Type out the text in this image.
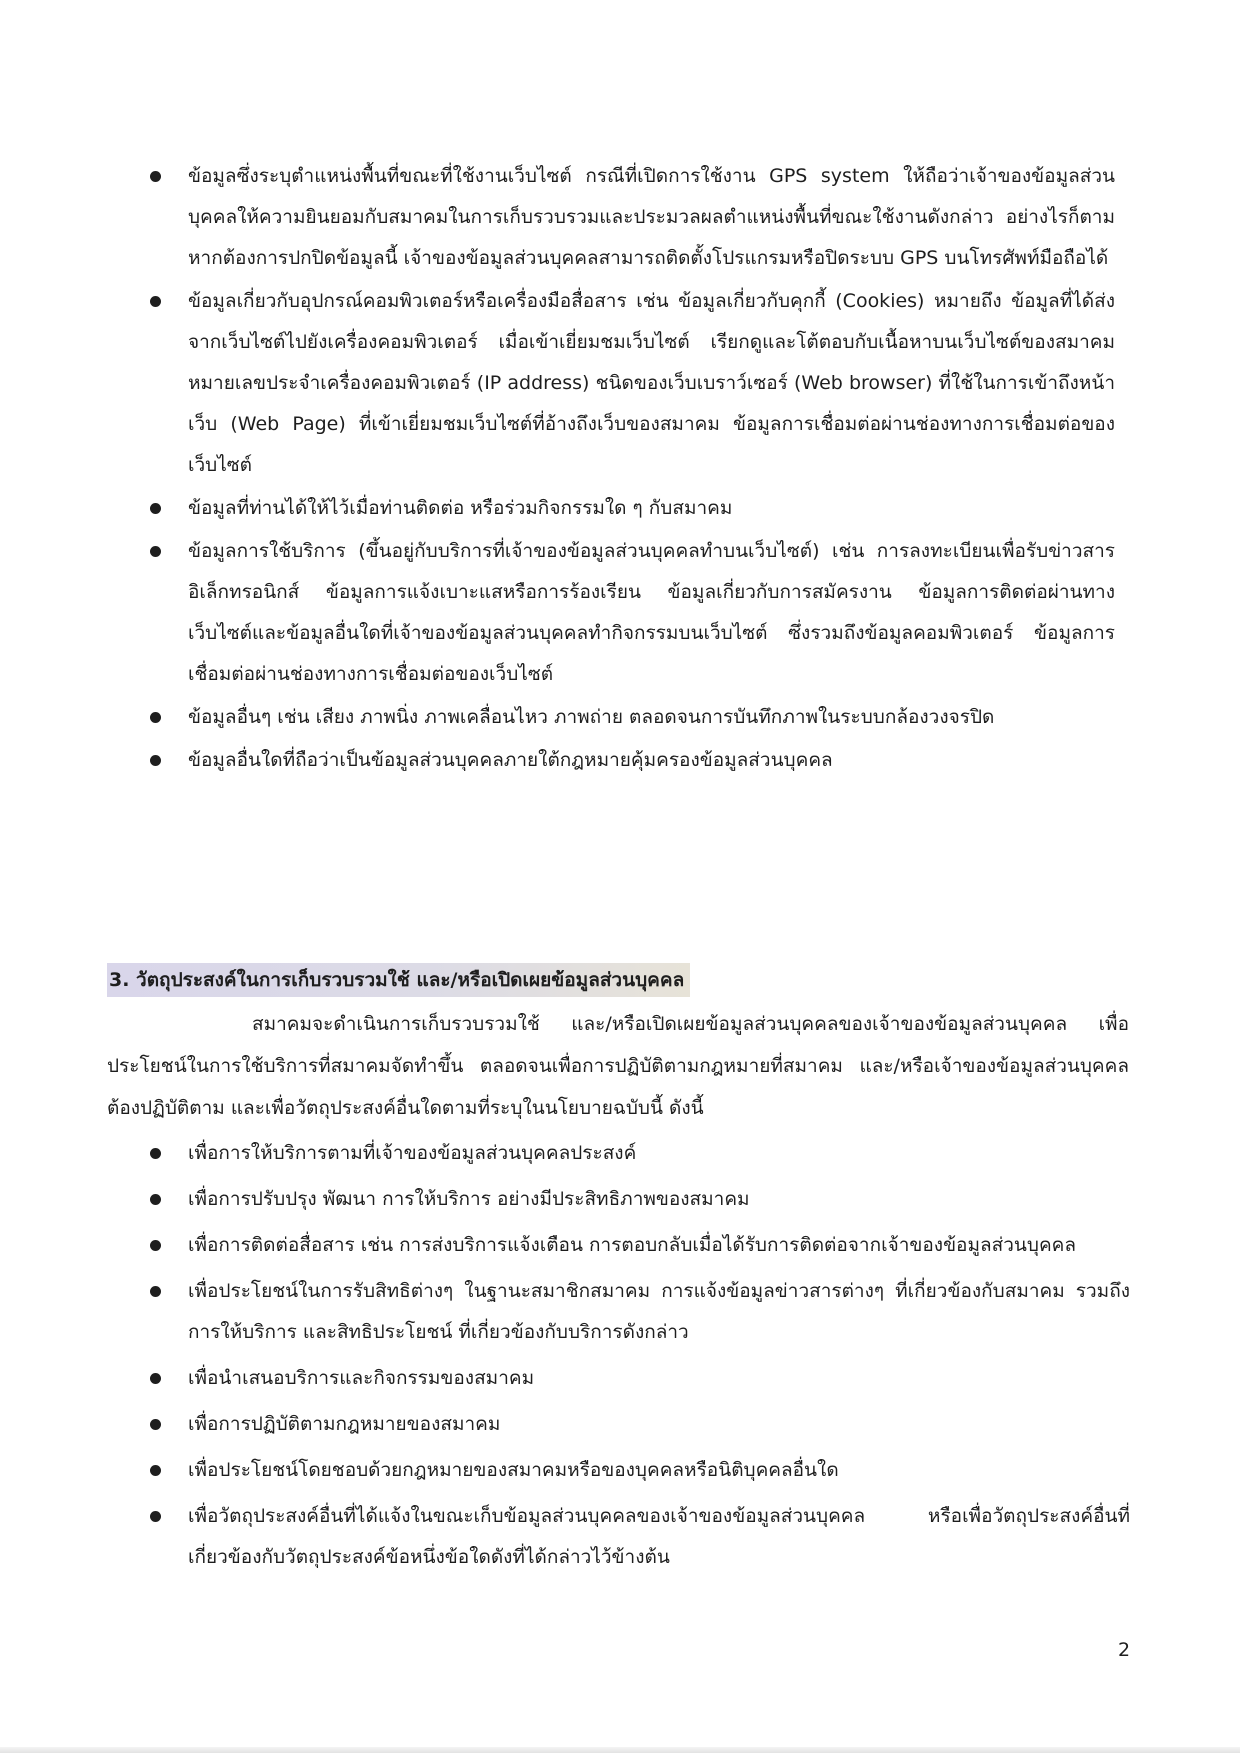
ข้อมูลซึ่งระบุตำแหน่งพื้นที่ขณะที่ใช้งานเว็บไซต์ กรณีที่เปิดการใช้งาน GPS system ให้ถือว่าเจ้าของข้อมูลส่วนบุคคลให้ความยินยอมกับสมาคมในการเก็บรวบรวมและประมวลผลตำแหน่งพื้นที่ขณะใช้งานดังกล่าว อย่างไรก็ตาม หากต้องการปกปิดข้อมูลนี้ เจ้าของข้อมูลส่วนบุคคลสามารถติดตั้งโปรแกรมหรือปิดระบบ GPS บนโทรศัพท์มือถือได้
ข้อมูลเกี่ยวกับอุปกรณ์คอมพิวเตอร์หรือเครื่องมือสื่อสาร เช่น ข้อมูลเกี่ยวกับคุกกี้ (Cookies) หมายถึง ข้อมูลที่ได้ส่งจากเว็บไซต์ไปยังเครื่องคอมพิวเตอร์ เมื่อเข้าเยี่ยมชมเว็บไซต์ เรียกดูและโต้ตอบกับเนื้อหาบนเว็บไซต์ของสมาคมหมายเลขประจำเครื่องคอมพิวเตอร์ (IP address) ชนิดของเว็บเบราว์เซอร์ (Web browser) ที่ใช้ในการเข้าถึงหน้าเว็บ (Web Page) ที่เข้าเยี่ยมชมเว็บไซต์ที่อ้างถึงเว็บของสมาคม ข้อมูลการเชื่อมต่อผ่านช่องทางการเชื่อมต่อของเว็บไซต์
ข้อมูลที่ท่านได้ให้ไว้เมื่อท่านติดต่อ หรือร่วมกิจกรรมใด ๆ กับสมาคม
ข้อมูลการใช้บริการ (ขึ้นอยู่กับบริการที่เจ้าของข้อมูลส่วนบุคคลทำบนเว็บไซต์) เช่น การลงทะเบียนเพื่อรับข่าวสารอิเล็กทรอนิกส์ ข้อมูลการแจ้งเบาะแสหรือการร้องเรียน ข้อมูลเกี่ยวกับการสมัครงาน ข้อมูลการติดต่อผ่านทางเว็บไซต์และข้อมูลอื่นใดที่เจ้าของข้อมูลส่วนบุคคลทำกิจกรรมบนเว็บไซต์ ซึ่งรวมถึงข้อมูลคอมพิวเตอร์ ข้อมูลการเชื่อมต่อผ่านช่องทางการเชื่อมต่อของเว็บไซต์
ข้อมูลอื่นๆ เช่น เสียง ภาพนิ่ง ภาพเคลื่อนไหว ภาพถ่าย ตลอดจนการบันทึกภาพในระบบกล้องวงจรปิด
ข้อมูลอื่นใดที่ถือว่าเป็นข้อมูลส่วนบุคคลภายใต้กฎหมายคุ้มครองข้อมูลส่วนบุคคล
3. วัตถุประสงค์ในการเก็บรวบรวมใช้ และ/หรือเปิดเผยข้อมูลส่วนบุคคล

สมาคมจะดำเนินการเก็บรวบรวมใช้ และ/หรือเปิดเผยข้อมูลส่วนบุคคลของเจ้าของข้อมูลส่วนบุคคล เพื่อประโยชน์ในการใช้บริการที่สมาคมจัดทำขึ้น ตลอดจนเพื่อการปฏิบัติตามกฎหมายที่สมาคม และ/หรือเจ้าของข้อมูลส่วนบุคคลต้องปฏิบัติตาม และเพื่อวัตถุประสงค์อื่นใดตามที่ระบุในนโยบายฉบับนี้ ดังนี้

เพื่อการให้บริการตามที่เจ้าของข้อมูลส่วนบุคคลประสงค์
เพื่อการปรับปรุง พัฒนา การให้บริการ อย่างมีประสิทธิภาพของสมาคม
เพื่อการติดต่อสื่อสาร เช่น การส่งบริการแจ้งเตือน การตอบกลับเมื่อได้รับการติดต่อจากเจ้าของข้อมูลส่วนบุคคล
เพื่อประโยชน์ในการรับสิทธิต่างๆ ในฐานะสมาชิกสมาคม การแจ้งข้อมูลข่าวสารต่างๆ ที่เกี่ยวข้องกับสมาคม รวมถึงการให้บริการ และสิทธิประโยชน์ ที่เกี่ยวข้องกับบริการดังกล่าว
เพื่อนำเสนอบริการและกิจกรรมของสมาคม
เพื่อการปฏิบัติตามกฎหมายของสมาคม
เพื่อประโยชน์โดยชอบด้วยกฎหมายของสมาคมหรือของบุคคลหรือนิติบุคคลอื่นใด
เพื่อวัตถุประสงค์อื่นที่ได้แจ้งในขณะเก็บข้อมูลส่วนบุคคลของเจ้าของข้อมูลส่วนบุคคล หรือเพื่อวัตถุประสงค์อื่นที่เกี่ยวข้องกับวัตถุประสงค์ข้อหนึ่งข้อใดดังที่ได้กล่าวไว้ข้างต้น
2
